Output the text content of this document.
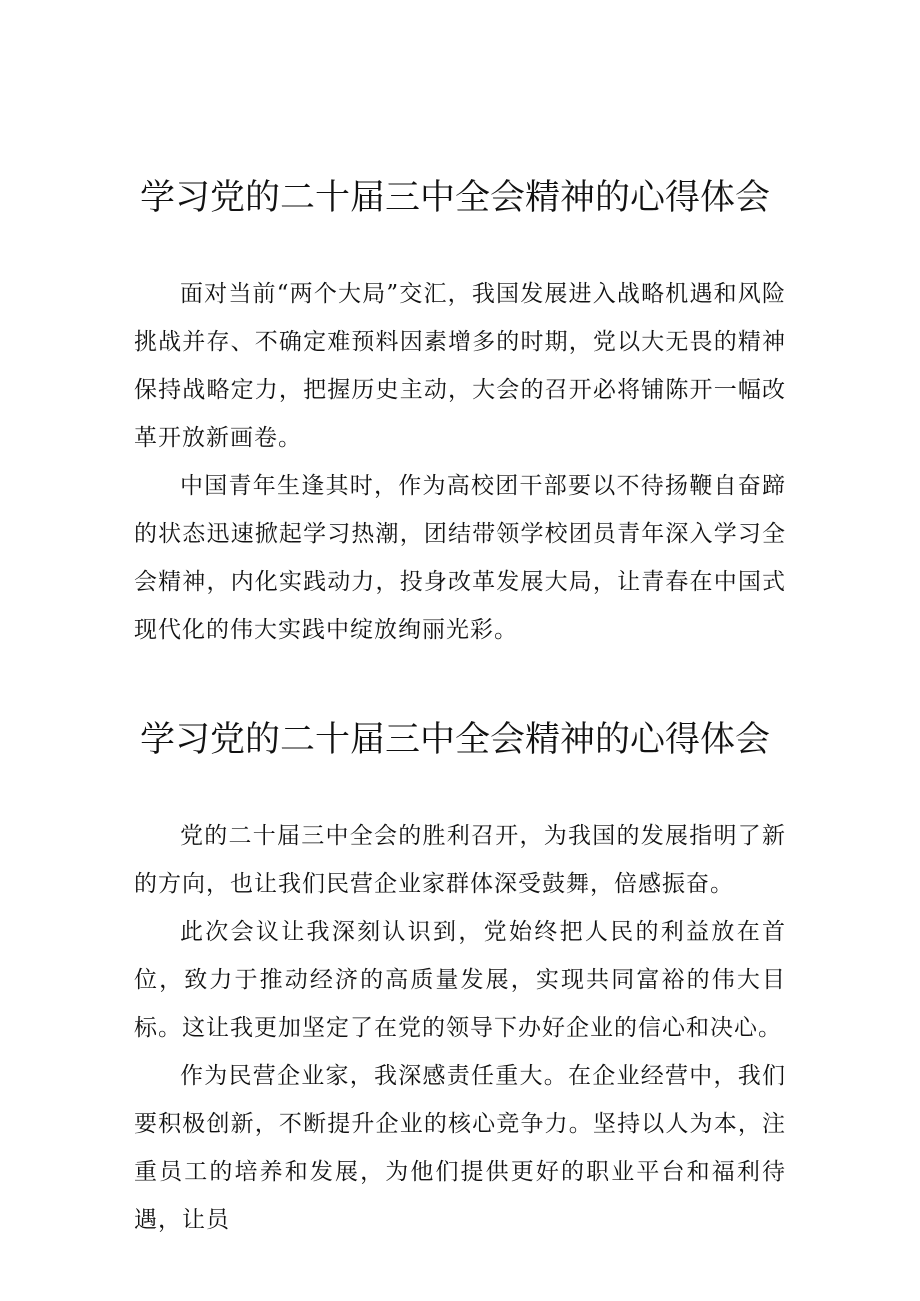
学习党的二十届三中全会精神的心得体会

面对当前“两个大局”交汇，我国发展进入战略机遇和风险挑战并存、不确定难预料因素增多的时期，党以大无畏的精神保持战略定力，把握历史主动，大会的召开必将铺陈开一幅改革开放新画卷。

中国青年生逢其时，作为高校团干部要以不待扬鞭自奋蹄的状态迅速掀起学习热潮，团结带领学校团员青年深入学习全会精神，内化实践动力，投身改革发展大局，让青春在中国式现代化的伟大实践中绽放绚丽光彩。

学习党的二十届三中全会精神的心得体会

党的二十届三中全会的胜利召开，为我国的发展指明了新的方向，也让我们民营企业家群体深受鼓舞，倍感振奋。

此次会议让我深刻认识到，党始终把人民的利益放在首位，致力于推动经济的高质量发展，实现共同富裕的伟大目标。这让我更加坚定了在党的领导下办好企业的信心和决心。

作为民营企业家，我深感责任重大。在企业经营中，我们要积极创新，不断提升企业的核心竞争力。坚持以人为本，注重员工的培养和发展，为他们提供更好的职业平台和福利待遇，让员
